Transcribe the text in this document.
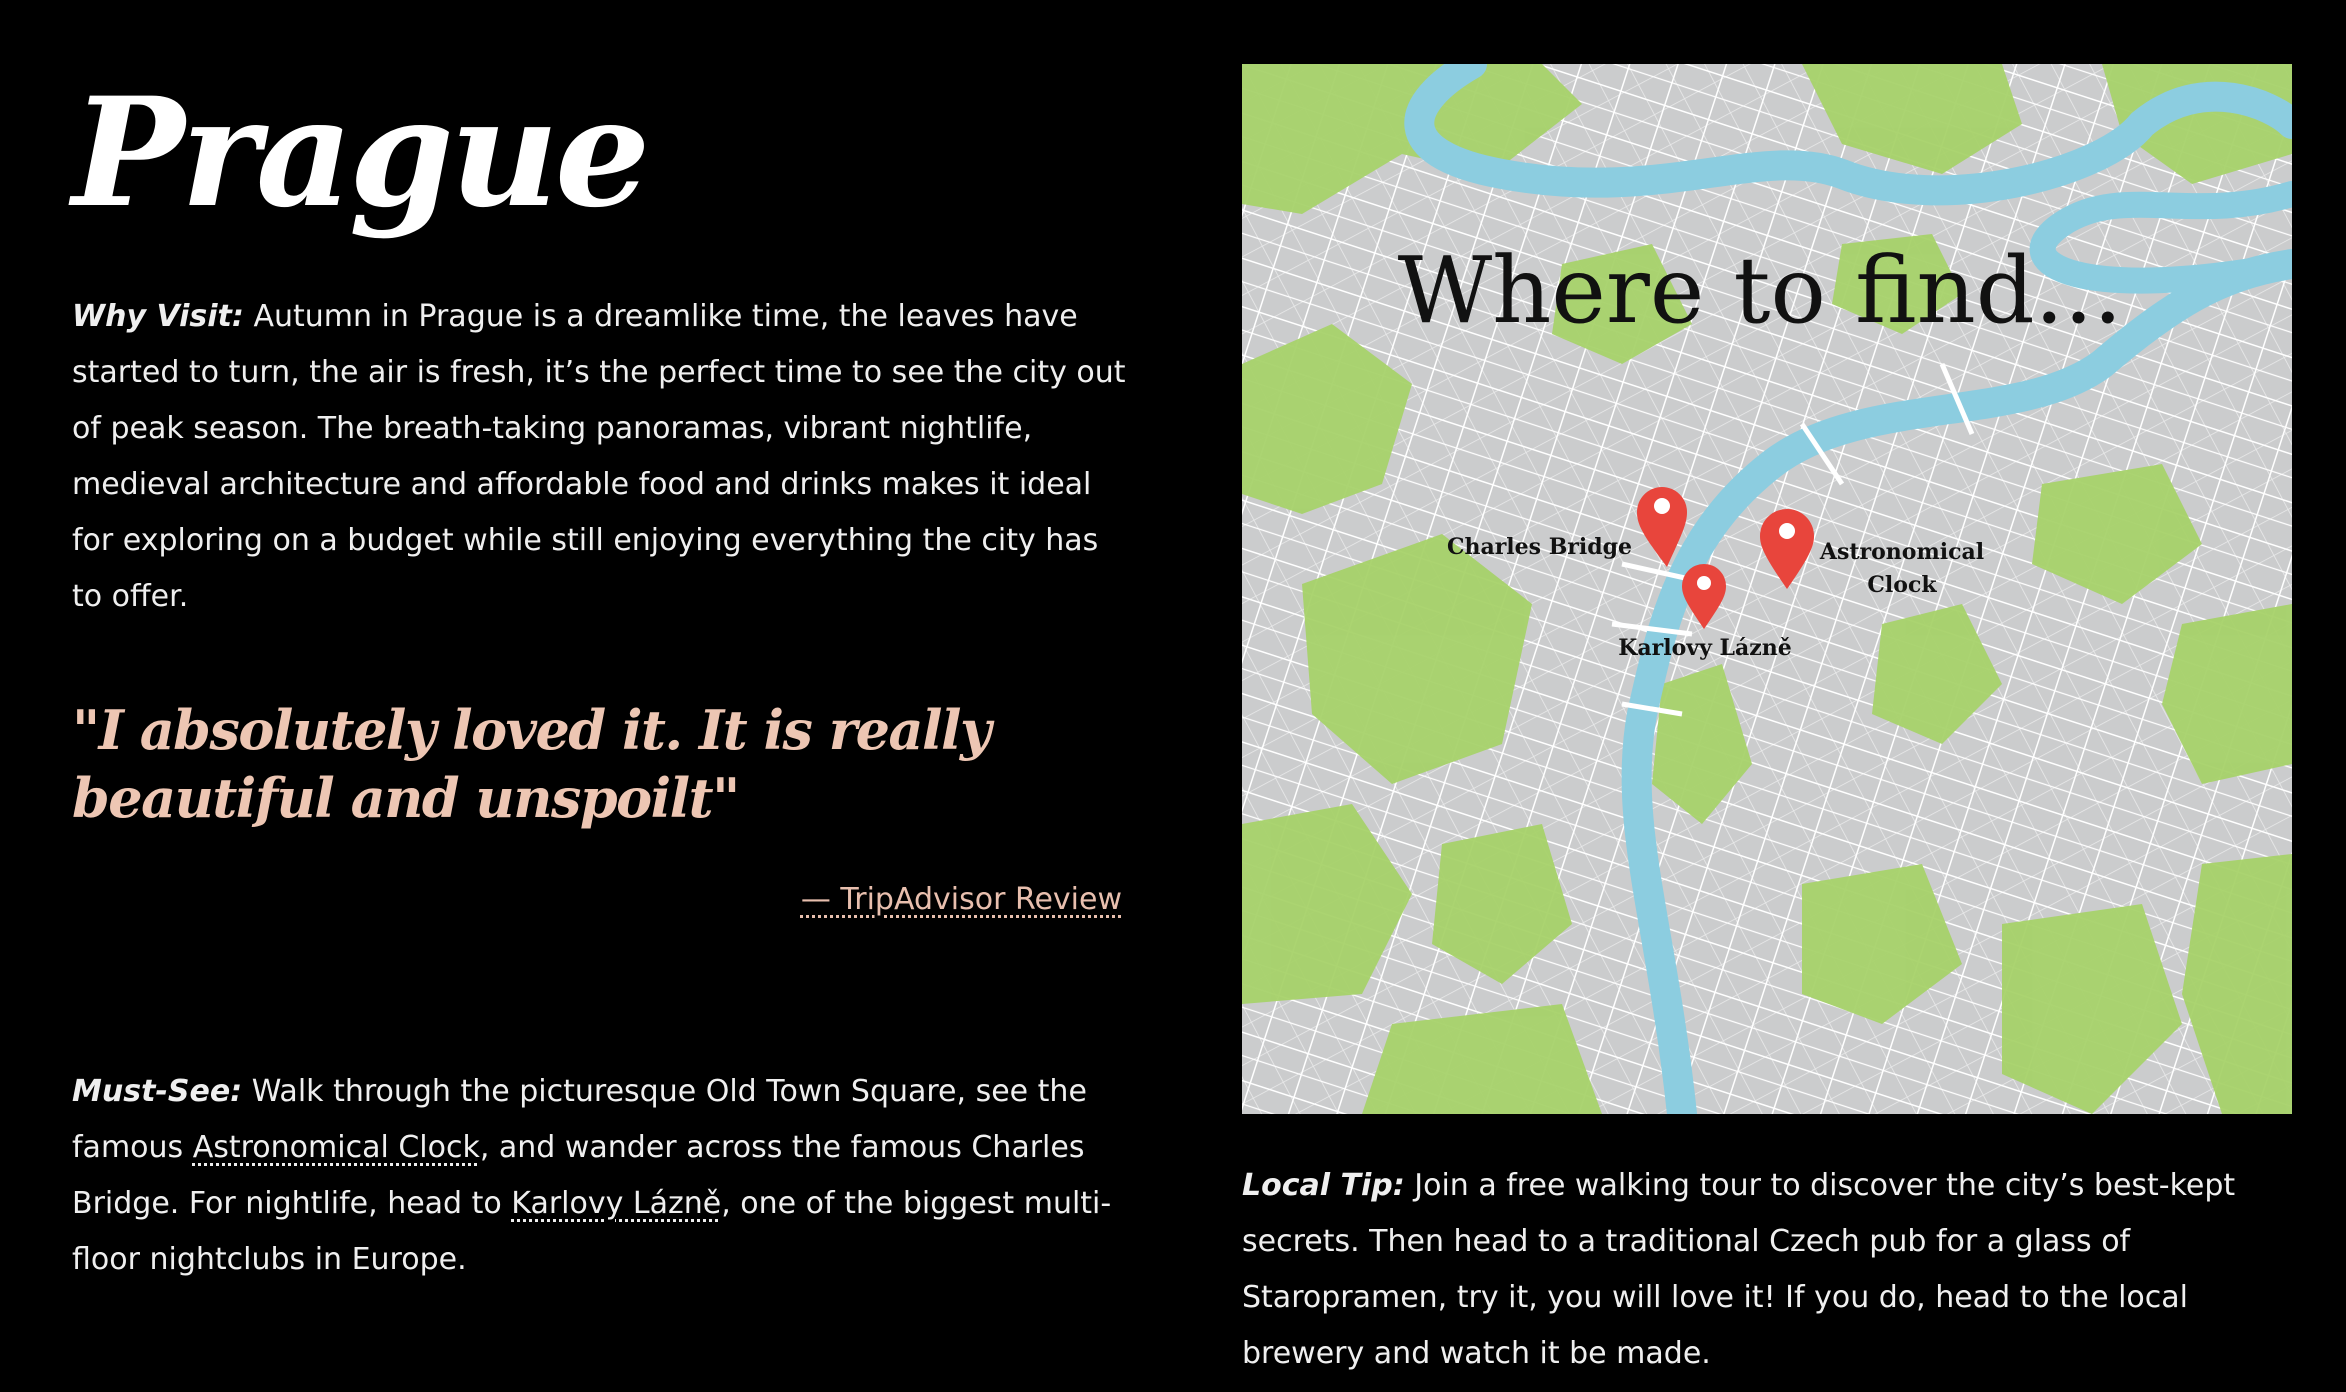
Prague

Why Visit: Autumn in Prague is a dreamlike time, the leaves have started to turn, the air is fresh, it’s the perfect time to see the city out of peak season. The breath-taking panoramas, vibrant nightlife, medieval architecture and affordable food and drinks makes it ideal for exploring on a budget while still enjoying everything the city has to offer.

"I absolutely loved it. It is really beautiful and unspoilt"
— TripAdvisor Review

Must-See: Walk through the picturesque Old Town Square, see the famous Astronomical Clock, and wander across the famous Charles Bridge. For nightlife, head to Karlovy Lázně, one of the biggest multi-floor nightclubs in Europe.

Where to find...
Charles Bridge	Astronomical
Clock
Karlovy Lázně

Local Tip: Join a free walking tour to discover the city’s best-kept secrets. Then head to a traditional Czech pub for a glass of Staropramen, try it, you will love it! If you do, head to the local brewery and watch it be made.
